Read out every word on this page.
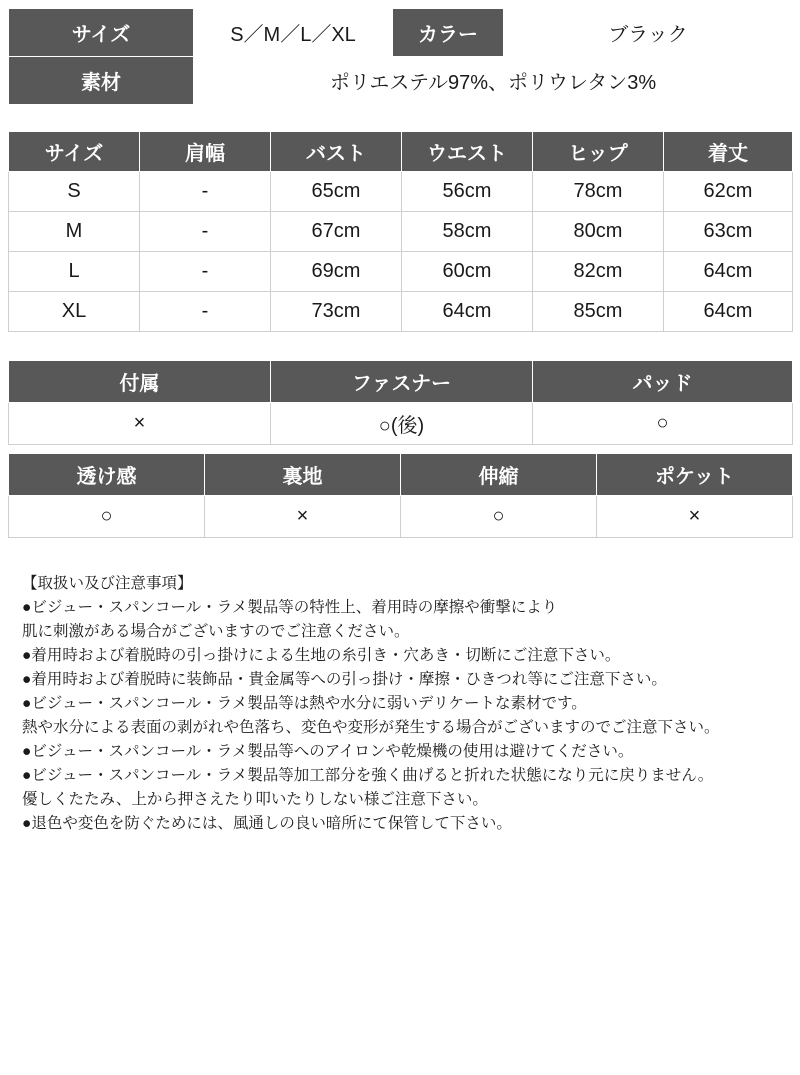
サイズ	S／M／L／XL	カラー	ブラック
素材	ポリエステル97%、ポリウレタン3%		
サイズ	肩幅	バスト	ウエスト	ヒップ	着丈
S	-	65cm	56cm	78cm	62cm
M	-	67cm	58cm	80cm	63cm
L	-	69cm	60cm	82cm	64cm
XL	-	73cm	64cm	85cm	64cm
付属	ファスナー	パッド
×	○(後)	○
透け感	裏地	伸縮	ポケット
○	×	○	×
【取扱い及び注意事項】
●ビジュー・スパンコール・ラメ製品等の特性上、着用時の摩擦や衝撃により
肌に刺激がある場合がございますのでご注意ください。
●着用時および着脱時の引っ掛けによる生地の糸引き・穴あき・切断にご注意下さい。
●着用時および着脱時に装飾品・貴金属等への引っ掛け・摩擦・ひきつれ等にご注意下さい。
●ビジュー・スパンコール・ラメ製品等は熱や水分に弱いデリケートな素材です。
熱や水分による表面の剥がれや色落ち、変色や変形が発生する場合がございますのでご注意下さい。
●ビジュー・スパンコール・ラメ製品等へのアイロンや乾燥機の使用は避けてください。
●ビジュー・スパンコール・ラメ製品等加工部分を強く曲げると折れた状態になり元に戻りません。
優しくたたみ、上から押さえたり叩いたりしない様ご注意下さい。
●退色や変色を防ぐためには、風通しの良い暗所にて保管して下さい。
